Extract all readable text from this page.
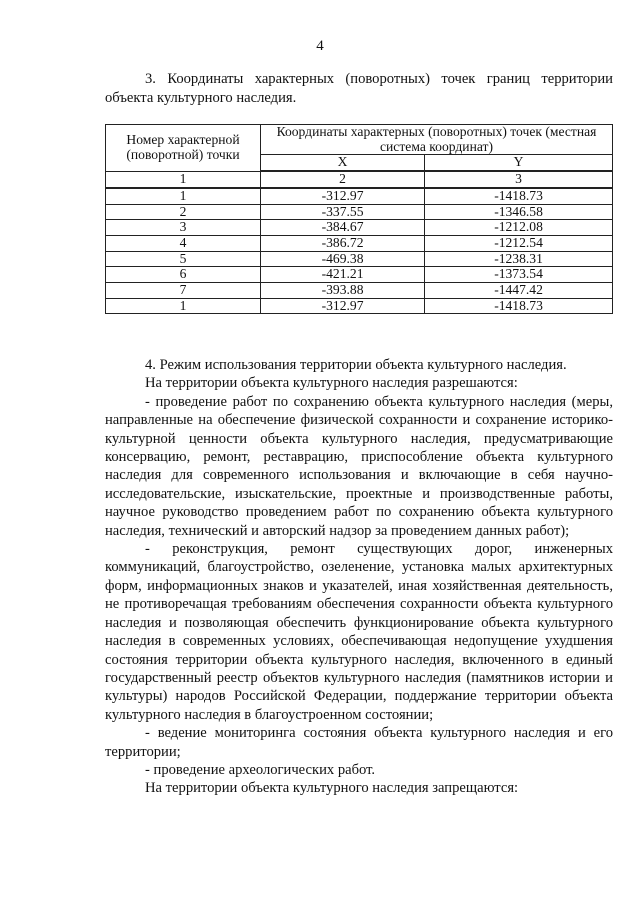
4

3. Координаты характерных (поворотных) точек границ территории объекта культурного наследия.

Номер характерной (поворотной) точки	Координаты характерных (поворотных) точек (местная система координат)	
	X	Y
1	2	3
1	-312.97	-1418.73
2	-337.55	-1346.58
3	-384.67	-1212.08
4	-386.72	-1212.54
5	-469.38	-1238.31
6	-421.21	-1373.54
7	-393.88	-1447.42
1	-312.97	-1418.73

4. Режим использования территории объекта культурного наследия.

На территории объекта культурного наследия разрешаются:

- проведение работ по сохранению объекта культурного наследия (меры, направленные на обеспечение физической сохранности и сохранение историко-культурной ценности объекта культурного наследия, предусматривающие консервацию, ремонт, реставрацию, приспособление объекта культурного наследия для современного использования и включающие в себя научно-исследовательские, изыскательские, проектные и производственные работы, научное руководство проведением работ по сохранению объекта культурного наследия, технический и авторский надзор за проведением данных работ);

- реконструкция, ремонт существующих дорог, инженерных коммуникаций, благоустройство, озеленение, установка малых архитектурных форм, информационных знаков и указателей, иная хозяйственная деятельность, не противоречащая требованиям обеспечения сохранности объекта культурного наследия и позволяющая обеспечить функционирование объекта культурного наследия в современных условиях, обеспечивающая недопущение ухудшения состояния территории объекта культурного наследия, включенного в единый государственный реестр объектов культурного наследия (памятников истории и культуры) народов Российской Федерации, поддержание территории объекта культурного наследия в благоустроенном состоянии;

- ведение мониторинга состояния объекта культурного наследия и его территории;

- проведение археологических работ.

На территории объекта культурного наследия запрещаются:
